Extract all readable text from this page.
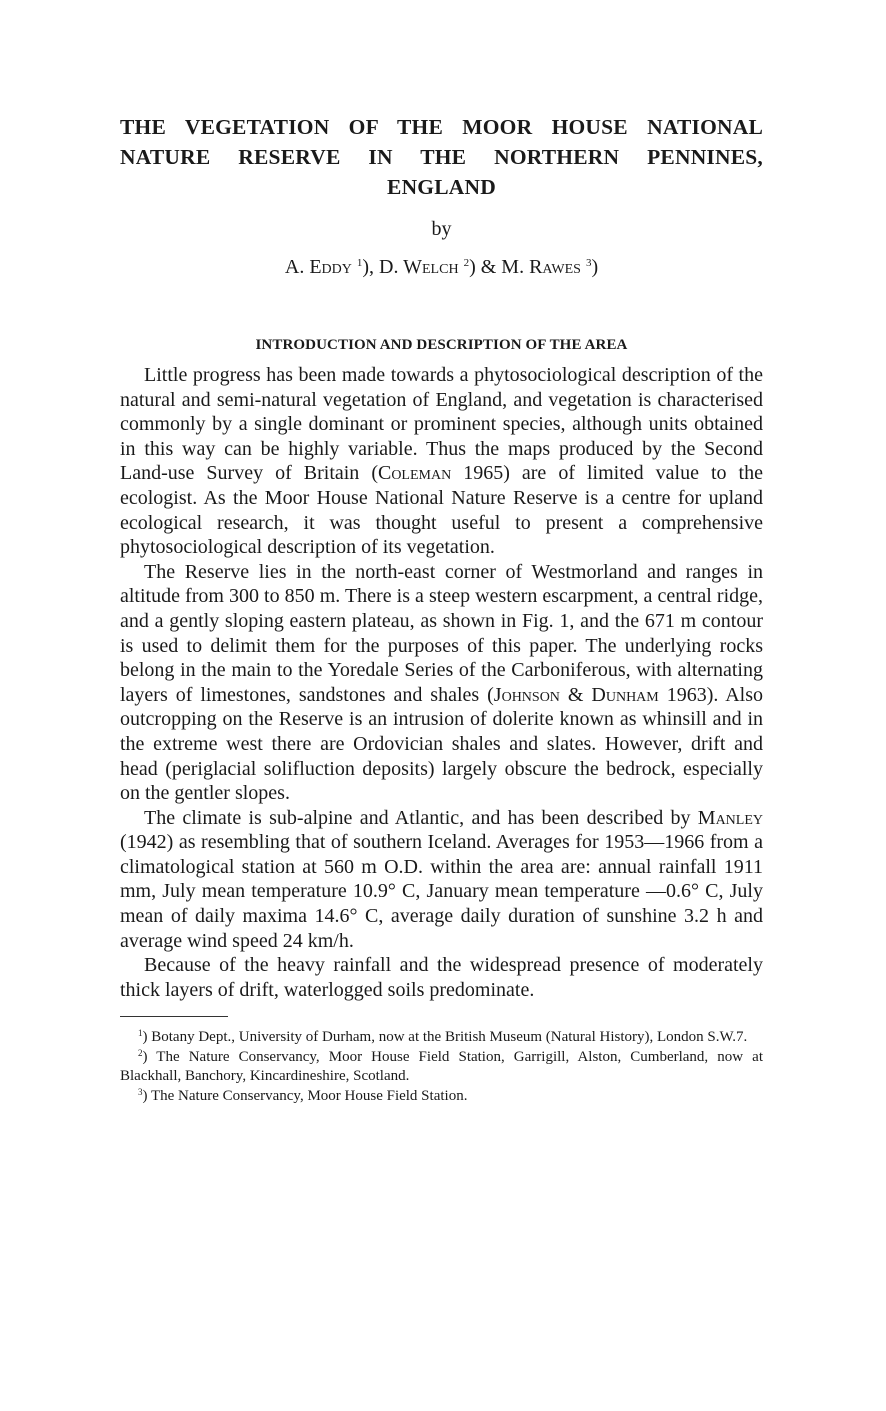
THE VEGETATION OF THE MOOR HOUSE NATIONAL
NATURE RESERVE IN THE NORTHERN PENNINES,
ENGLAND
by
A. Eddy $^1$), D. Welch $^2$) & M. Rawes $^3$)
INTRODUCTION AND DESCRIPTION OF THE AREA

Little progress has been made towards a phytosociological description of the natural and semi-natural vegetation of England, and vegetation is characterised commonly by a single dominant or prominent species, although units obtained in this way can be highly variable. Thus the maps produced by the Second Land-use Survey of Britain (Coleman 1965) are of limited value to the ecologist. As the Moor House National Nature Reserve is a centre for upland ecological research, it was thought useful to present a comprehensive phytosociological description of its vegetation.

The Reserve lies in the north-east corner of Westmorland and ranges in altitude from 300 to 850 m. There is a steep western escarpment, a central ridge, and a gently sloping eastern plateau, as shown in Fig. 1, and the 671 m contour is used to delimit them for the purposes of this paper. The underlying rocks belong in the main to the Yoredale Series of the Carboniferous, with alternating layers of limestones, sandstones and shales (Johnson & Dunham 1963). Also outcropping on the Reserve is an intrusion of dolerite known as whinsill and in the extreme west there are Ordovician shales and slates. However, drift and head (periglacial solifluction deposits) largely obscure the bedrock, especially on the gentler slopes.

The climate is sub-alpine and Atlantic, and has been described by Manley (1942) as resembling that of southern Iceland. Averages for 1953—1966 from a climatological station at 560 m O.D. within the area are: annual rainfall 1911 mm, July mean temperature 10.9° C, January mean temperature —0.6° C, July mean of daily maxima 14.6° C, average daily duration of sunshine 3.2 h and average wind speed 24 km/h.

Because of the heavy rainfall and the widespread presence of moderately thick layers of drift, waterlogged soils predominate.

$^1$) Botany Dept., University of Durham, now at the British Museum (Natural History), London S.W.7.

$^2$) The Nature Conservancy, Moor House Field Station, Garrigill, Alston, Cumberland, now at Blackhall, Banchory, Kincardineshire, Scotland.

$^3$) The Nature Conservancy, Moor House Field Station.
